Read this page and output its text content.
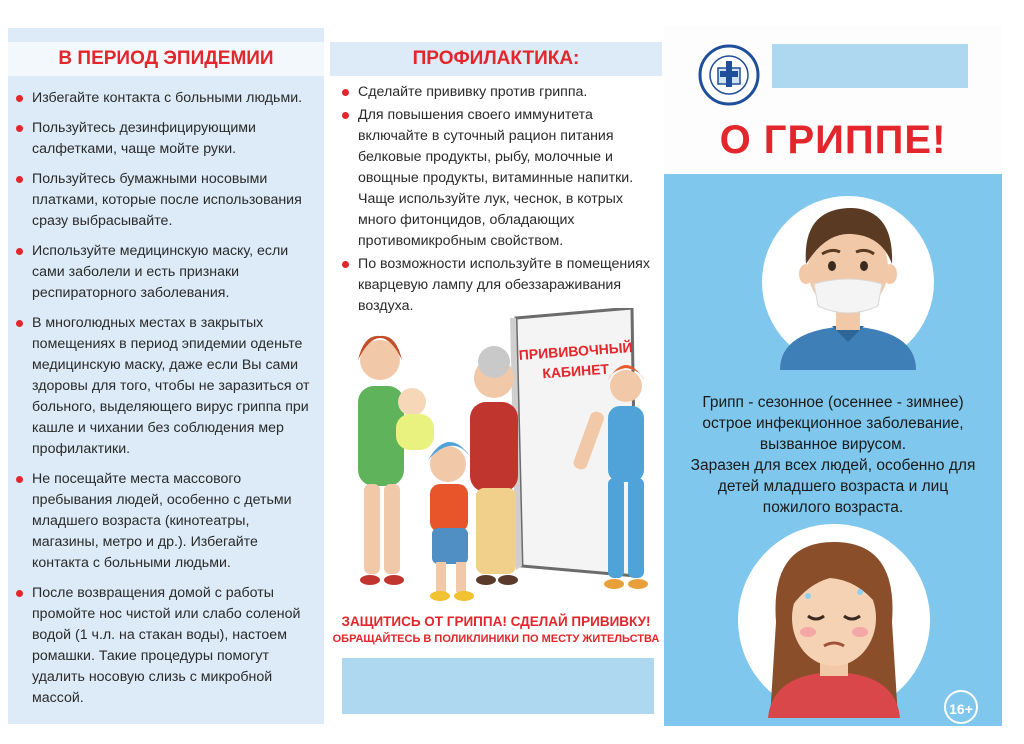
В ПЕРИОД ЭПИДЕМИИ
Избегайте контакта с больными людьми.
Пользуйтесь дезинфицирующими салфетками, чаще мойте руки.
Пользуйтесь бумажными носовыми платками, которые после использования сразу выбрасывайте.
Используйте медицинскую маску, если сами заболели и есть признаки респираторного заболевания.
В многолюдных местах в закрытых помещениях в период эпидемии оденьте медицинскую маску, даже если Вы сами здоровы для того, чтобы не заразиться от больного, выделяющего вирус гриппа при кашле и чихании без соблюдения мер профилактики.
Не посещайте места массового пребывания людей, особенно с детьми младшего возраста (кинотеатры, магазины, метро и др.). Избегайте контакта с больными людьми.
После возвращения домой с работы промойте нос чистой или слабо соленой водой (1 ч.л. на стакан воды), настоем ромашки. Такие процедуры помогут удалить носовую слизь с микробной массой.
ПРОФИЛАКТИКА:
Сделайте прививку против гриппа.
Для повышения своего иммунитета включайте в суточный рацион питания белковые продукты, рыбу, молочные и овощные продукты, витаминные напитки. Чаще используйте лук, чеснок, в котрых много фитонцидов, обладающих противомикробным свойством.
По возможности используйте в помещениях кварцевую лампу для обеззараживания воздуха.
ПРИВИВОЧНЫЙ
КАБИНЕТ
ЗАЩИТИСЬ ОТ ГРИППА! СДЕЛАЙ ПРИВИВКУ!
ОБРАЩАЙТЕСЬ В ПОЛИКЛИНИКИ ПО МЕСТУ ЖИТЕЛЬСТВА
О ГРИППЕ!
Грипп - сезонное (осеннее - зимнее)
острое инфекционное заболевание,
вызванное вирусом.
Заразен для всех людей, особенно для
детей младшего возраста и лиц
пожилого возраста.
16+
